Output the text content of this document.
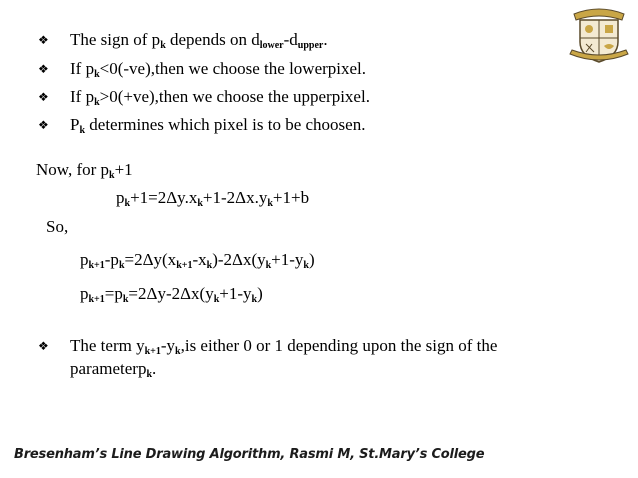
❖ The sign of $p_k$ depends on $d_{lower}-d_{upper}$.
❖ If $p_k<0(-ve),then$ we choose the lowerpixel.
❖ If $p_k>0(+ve),then$ we choose the upperpixel.
❖ $P_k$ determines which pixel is to be choosen.
Now, for $p_k+1$
$p_k+1=2\Delta y.x_k+1-2\Delta x.y_k+1+b$
So,
$p_{k+1}-p_k=2\Delta y(x_{k+1}-x_k)-2\Delta x(y_k+1-y_k)$
$p_{k+1}=p_k=2\Delta y-2\Delta x(y_k+1-y_k)$
❖ The term $y_{k+1}-y_k,is$ either 0 or 1 depending upon the sign of the
parameterp$_k$.
Bresenham’s Line Drawing Algorithm, Rasmi M, St.Mary’s College
